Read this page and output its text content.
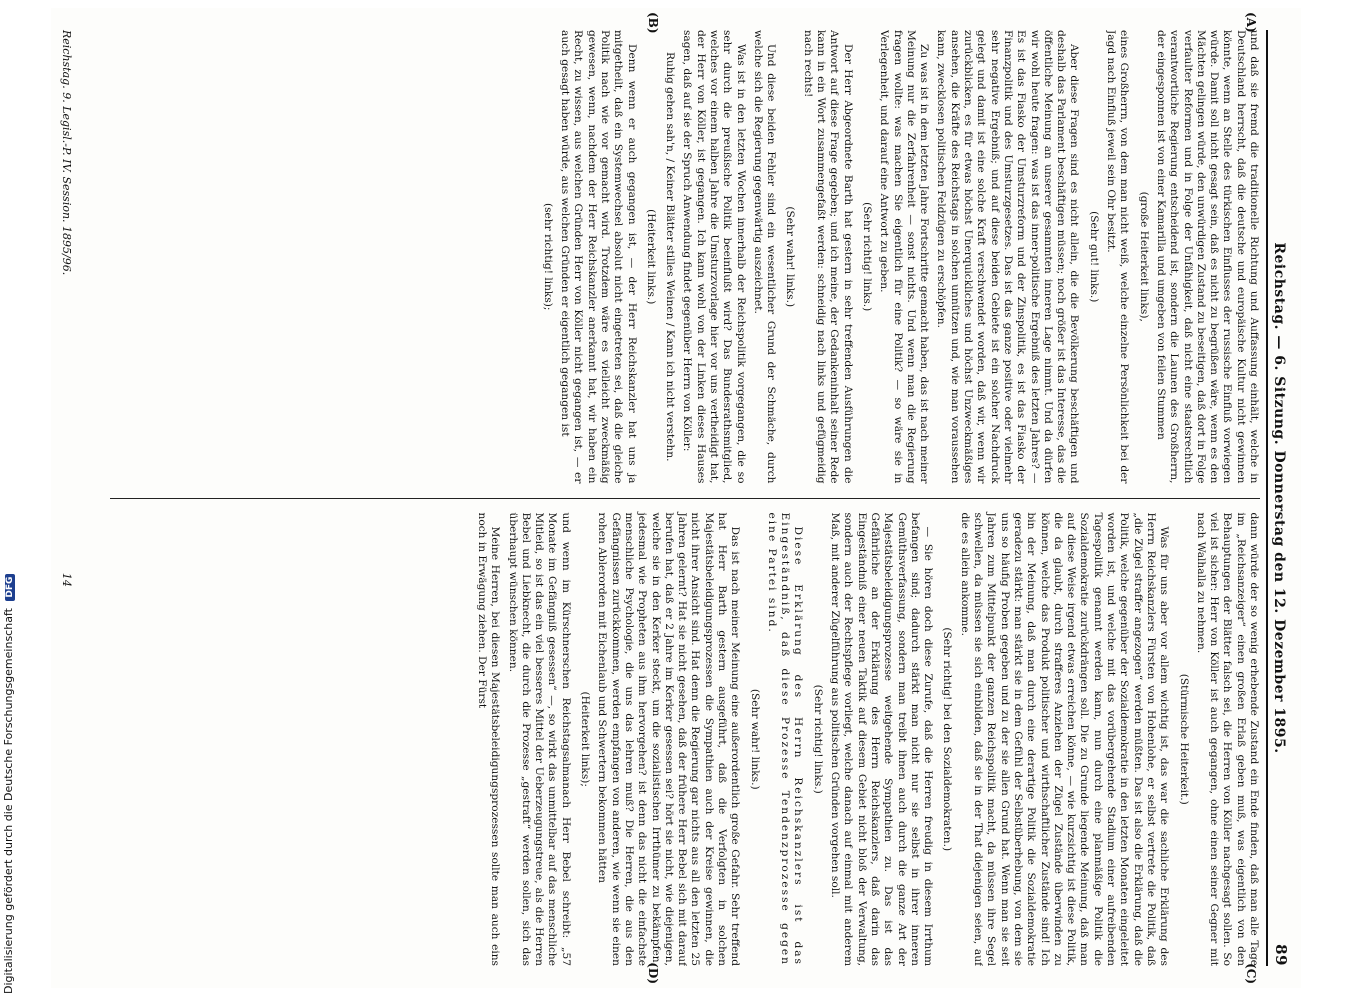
Reichstag. — 6. Sitzung. Donnerstag den 12. Dezember 1895.
89
(A)
(B)
(C)
(D)

und daß sie fremd die traditionelle Richtung und Auffassung einhält, welche in Deutschland herrscht, daß die deutsche und europäische Kultur nicht gewinnen könnte, wenn an Stelle des türkischen Einflusses der russische Einfluß vorwiegen würde. Damit soll nicht gesagt sein, daß es nicht zu begrüßen wäre, wenn es den Mächten gelingen würde, den unwürdigen Zustand zu beseitigen, daß dort in Folge verfaulter Reformen und in Folge der Unfähigkeit, daß nicht eine staatsrechtlich verantwortliche Regierung entscheidend ist, sondern die Launen des Großherrn, der eingesponnen ist von einer Kamarilla und umgeben von feilen Stummen

(große Heiterkeit links),

eines Großherrn, von dem man nicht weiß, welche einzelne Persönlichkeit bei der Jagd nach Einfluß jeweil sein Ohr besitzt.

(Sehr gut! links.)

Aber diese Fragen sind es nicht allein, die die Bevölkerung beschäftigen und deshalb das Parlament beschäftigen müssen; noch größer ist das Interesse, das die öffentliche Meinung an unserer gesammten inneren Lage nimmt. Und da dürfen wir wohl heute fragen: was ist das inner-politische Ergebniß des letzten Jahres? — Es ist das Fiasko der Umsturzreform und der Zinspolitik, es ist das Fiasko der Finanzpolitik und des Umsturzgesetzes. Das ist das ganze positive oder vielmehr sehr negative Ergebniß; und auf diese beiden Gebiete ist ein solcher Nachdruck gelegt und damit ist eine solche Kraft verschwendet worden, daß wir, wenn wir zurückblicken, es für etwas höchst Unerquickliches und höchst Unzweckmäßiges ansehen, die Kräfte des Reichstags in solchen unnützen und, wie man voraussehen kann, zwecklosen politischen Feldzügen zu erschöpfen.

Zu was ist in dem letzten Jahre Fortschritte gemacht haben, das ist nach meiner Meinung nur die Zerfahrenheit — sonst nichts. Und wenn man die Regierung fragen wollte: was machen Sie eigentlich für eine Politik? — so wäre sie in Verlegenheit, und darauf eine Antwort zu geben.

(Sehr richtig! links.)

Der Herr Abgeordnete Barth hat gestern in sehr treffenden Ausführungen die Antwort auf diese Frage gegeben; und ich meine, der Gedankeninhalt seiner Rede kann in ein Wort zusammengefaßt werden: schneidig nach links und gefügmeidig nach rechts!

(Sehr wahr! links.)

Und diese beiden Fehler sind ein wesentlicher Grund der Schmäche, durch welche sich die Regierung gegenwärtig auszeichnet.

Was ist in den letzten Wochen innerhalb der Reichspolitik vorgegangen, die so sehr durch die preußische Politik beeinflußt wird? Das Bundesrathsmitglied, welches vor einem halben Jahre die Umsturzvorlage hier vor uns vertheidigt hat, der Herr von Köller, ist gegangen. Ich kann wohl von der Linken dieses Hauses sagen, daß auf sie der Spruch Anwendung findet gegenüber Herrn von Köller:

Ruhig gehen sah'n, / Keiner Blätter stilles Weinen / Kann ich nicht verstehn.

(Heiterkeit links.)

Denn wenn er auch gegangen ist, — der Herr Reichskanzler hat uns ja mitgetheilt, daß ein Systemwechsel absolut nicht eingetreten sei, daß die gleiche Politik nach wie vor gemacht wird. Trotzdem wäre es vielleicht zweckmäßig gewesen, wenn, nachdem der Herr Reichskanzler anerkannt hat, wir haben ein Recht, zu wissen, aus welchen Gründen Herr von Köller nicht gegangen ist, — er auch gesagt haben würde, aus welchen Gründen er eigentlich gegangen ist

(sehr richtig! links);

dann würde der so wenig erhebende Zustand ein Ende finden, daß man alle Tage im „Reichsanzeiger“ einen großen Erlaß geben muß, was eigentlich von den Behauptungen der Blätter falsch sei, die Herren von Köller nachgesagt sollen. So viel ist sicher: Herr von Köller ist auch gegangen, ohne einen seiner Gegner mit nach Walhalla zu nehmen.

(Stürmische Heiterkeit.)

Was für uns aber vor allem wichtig ist, das war die sachliche Erklärung des Herrn Reichskanzlers Fürsten von Hohenlohe, er selbst vertrete die Politik, daß „die Zügel straffer angezogen“ werden müßten. Das ist also die Erklärung, daß die Politik, welche gegenüber der Sozialdemokratie in den letzten Monaten eingeleitet worden ist, und welche mit das vorübergehende Stadium einer aufreibenden Tagespolitik genannt werden kann, nun durch eine planmäßige Politik die Sozialdemokratie zurückdrängen soll. Die zu Grunde liegende Meinung, daß man auf diese Weise irgend etwas erreichen könne, — wie kurzsichtig ist diese Politik, die da glaubt, durch strafferes Anziehen der Zügel Zustände überwinden zu können, welche das Produkt politischer und wirthschaftlicher Zustände sind! Ich bin der Meinung, daß man durch eine derartige Politik die Sozialdemokratie geradezu stärkt: man stärkt sie in dem Gefühl der Selbstüberhebung, von dem sie uns so häufig Proben gegeben und zu der sie allen Grund hat. Wenn man sie seit Jahren zum Mittelpunkt der ganzen Reichspolitik macht, da müssen ihre Segel schwellen, da müssen sie sich einbilden, daß sie in der That diejenigen seien, auf die es allein ankomme.

(Sehr richtig! bei den Sozialdemokraten.)

— Sie hören doch diese Zurufe, daß die Herren freudig in diesem Irrthum befangen sind; dadurch stärkt man nicht nur sie selbst in ihrer inneren Gemüthsverfassung, sondern man treibt ihnen auch durch die ganze Art der Majestätsbeleidigungsprozesse weitgehende Sympathien zu. Das ist das Gefährliche an der Erklärung des Herrn Reichskanzlers, daß darin das Eingeständniß einer neuen Taktik auf diesem Gebiet nicht bloß der Verwaltung, sondern auch der Rechtspflege vorliegt, welche danach auf einmal mit anderem Maß, mit anderer Zügelführung aus politischen Gründen vorgehen soll.

(Sehr richtig! links.)

Diese Erklärung des Herrn Reichskanzlers ist das Eingeständniß, daß diese Prozesse Tendenzprozesse gegen eine Partei sind.

(Sehr wahr! links.)

Das ist nach meiner Meinung eine außerordentlich große Gefahr. Sehr treffend hat Herr Barth gestern ausgeführt, daß die Verfolgten in solchen Majestätsbeleidigungsprozessen die Sympathien auch der Kreise gewinnen, die nicht ihrer Ansicht sind. Hat denn die Regierung gar nichts aus all den letzten 25 Jahren gelernt? Hat sie nicht gesehen, daß der frühere Herr Bebel sich mit darauf berufen hat, daß er 2 Jahre im Kerker gesessen sei? hört sie nicht, wie diejenigen, welche sie in den Kerker steckt, um die sozialistischen Irrthümer zu bekämpfen, jedesmal wie Propheten aus ihm hervorgehen? ist denn das nicht die einfachste menschliche Psychologie, die uns das lehren muß? Die Herren, die aus den Gefängnissen zurückkommen, werden empfangen von anderen, wie wenn sie einen rohen Ablerorden mit Eichenlaub und Schwertern bekommen hätten

(Heiterkeit links);

und wenn im Kürschnerschen Reichstagsalmanach Herr Bebel schreibt: „57 Monate im Gefängniß gesessen“ —, so wirkt das unmittelbar auf das menschliche Mitleid, so ist das ein viel besseres Mittel der Ueberzeugungstreue, als die Herren Bebel und Liebknecht, die durch die Prozesse „gestraft“ werden sollen, sich das überhaupt wünschen können.

Meine Herren, bei diesen Majestätsbeleidigungsprozessen sollte man auch eins noch in Erwägung ziehen. Der Fürst

Reichstag. 9. Legisl.-P. IV. Session. 1895/96.
14
Digitalisierung gefördert durch die Deutsche Forschungsgemeinschaft DFG
